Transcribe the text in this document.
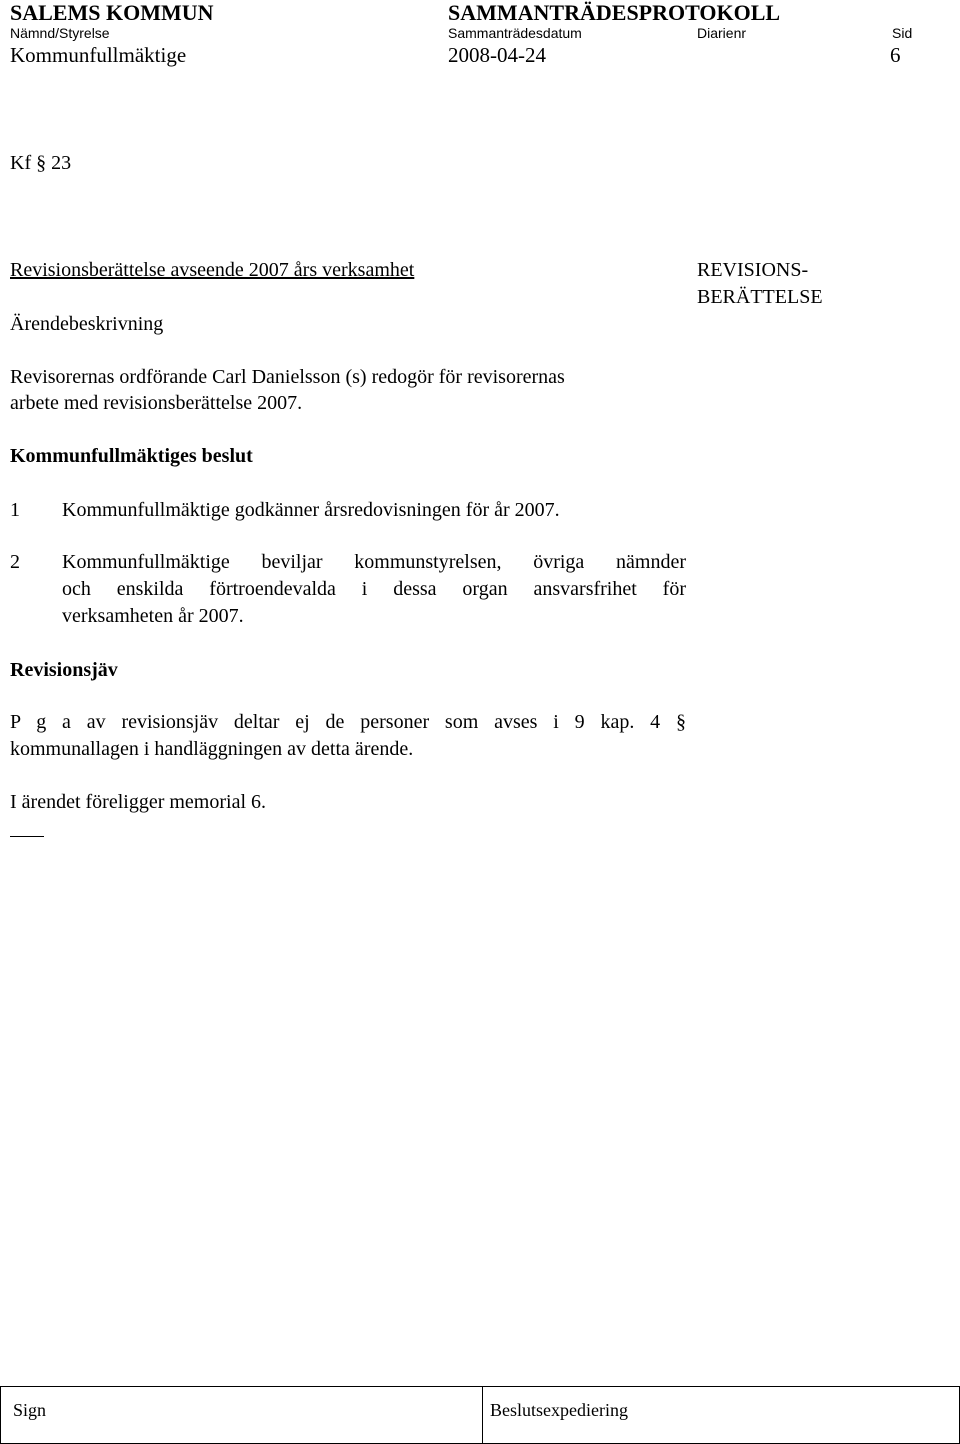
SALEMS KOMMUN	SAMMANTRÄDESPROTOKOLL
Nämnd/Styrelse	Sammanträdesdatum	Diarienr	Sid
Kommunfullmäktige	2008-04-24	6
Kf § 23
Revisionsberättelse avseende 2007 års verksamhet	REVISIONS-
BERÄTTELSE
Ärendebeskrivning
Revisorernas ordförande Carl Danielsson (s) redogör för revisorernas
arbete med revisionsberättelse 2007.
Kommunfullmäktiges beslut
1 Kommunfullmäktige godkänner årsredovisningen för år 2007.
2 Kommunfullmäktige beviljar kommunstyrelsen, övriga nämnder
och enskilda förtroendevalda i dessa organ ansvarsfrihet för
verksamheten år 2007.
Revisionsjäv
P g a av revisionsjäv deltar ej de personer som avses i 9 kap. 4 §
kommunallagen i handläggningen av detta ärende.
I ärendet föreligger memorial 6.
Sign	Beslutsexpediering
